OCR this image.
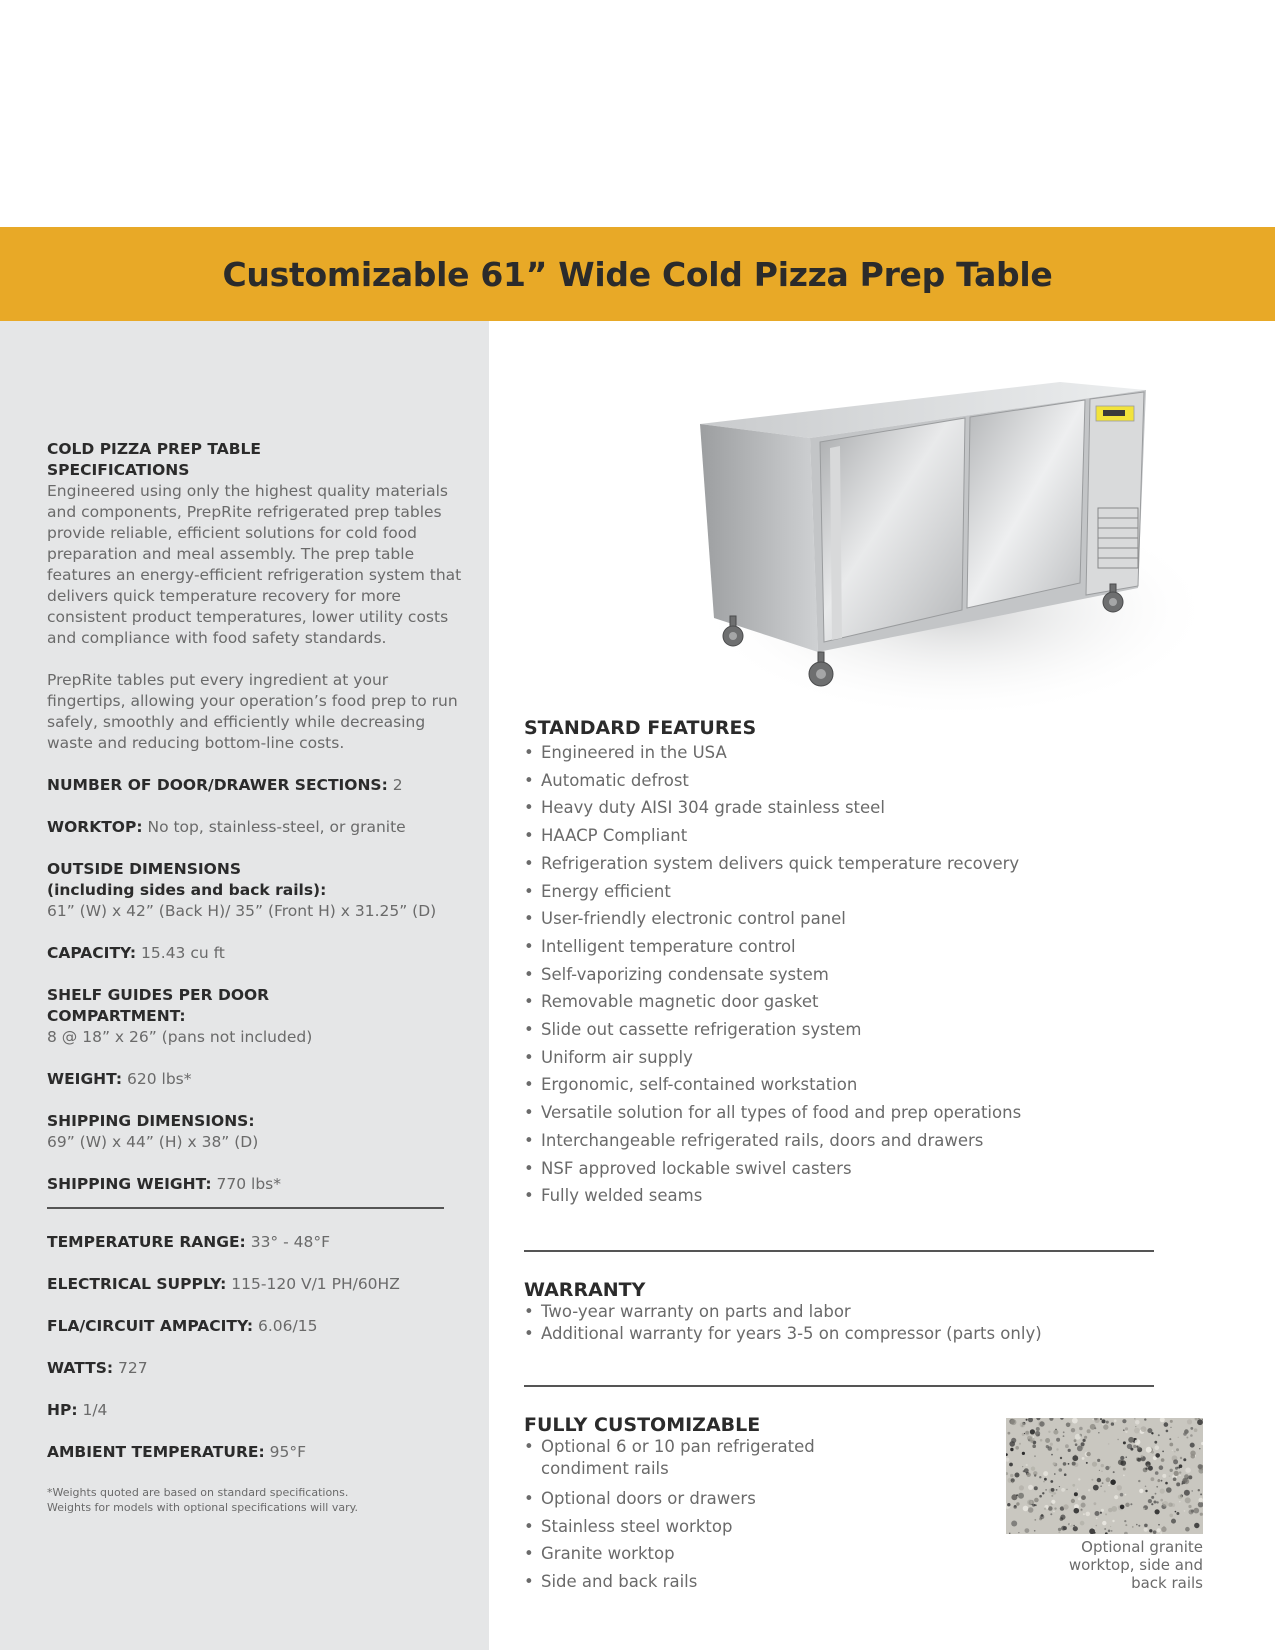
Customizable 61” Wide Cold Pizza Prep Table

COLD PIZZA PREP TABLE
SPECIFICATIONS

Engineered using only the highest quality materials and components, PrepRite refrigerated prep tables provide reliable, efficient solutions for cold food preparation and meal assembly. The prep table features an energy-efficient refrigeration system that delivers quick temperature recovery for more consistent product temperatures, lower utility costs and compliance with food safety standards.

PrepRite tables put every ingredient at your fingertips, allowing your operation’s food prep to run safely, smoothly and efficiently while decreasing waste and reducing bottom-line costs.

NUMBER OF DOOR/DRAWER SECTIONS: 2
WORKTOP: No top, stainless-steel, or granite
OUTSIDE DIMENSIONS
(including sides and back rails):
61” (W) x 42” (Back H)/ 35” (Front H) x 31.25” (D)
CAPACITY: 15.43 cu ft
SHELF GUIDES PER DOOR
COMPARTMENT:
8 @ 18” x 26” (pans not included)
WEIGHT: 620 lbs*
SHIPPING DIMENSIONS:
69” (W) x 44” (H) x 38” (D)
SHIPPING WEIGHT: 770 lbs*
TEMPERATURE RANGE: 33° - 48°F
ELECTRICAL SUPPLY: 115-120 V/1 PH/60HZ
FLA/CIRCUIT AMPACITY: 6.06/15
WATTS: 727
HP: 1/4
AMBIENT TEMPERATURE: 95°F
*Weights quoted are based on standard specifications.
Weights for models with optional specifications will vary.
STANDARD FEATURES
• Engineered in the USA
• Automatic defrost
• Heavy duty AISI 304 grade stainless steel
• HAACP Compliant
• Refrigeration system delivers quick temperature recovery
• Energy efficient
• User-friendly electronic control panel
• Intelligent temperature control
• Self-vaporizing condensate system
• Removable magnetic door gasket
• Slide out cassette refrigeration system
• Uniform air supply
• Ergonomic, self-contained workstation
• Versatile solution for all types of food and prep operations
• Interchangeable refrigerated rails, doors and drawers
• NSF approved lockable swivel casters
• Fully welded seams
WARRANTY
• Two-year warranty on parts and labor
• Additional warranty for years 3-5 on compressor (parts only)
FULLY CUSTOMIZABLE
• Optional 6 or 10 pan refrigerated
condiment rails
• Optional doors or drawers
• Stainless steel worktop
• Granite worktop
• Side and back rails
Optional granite
worktop, side and
back rails
